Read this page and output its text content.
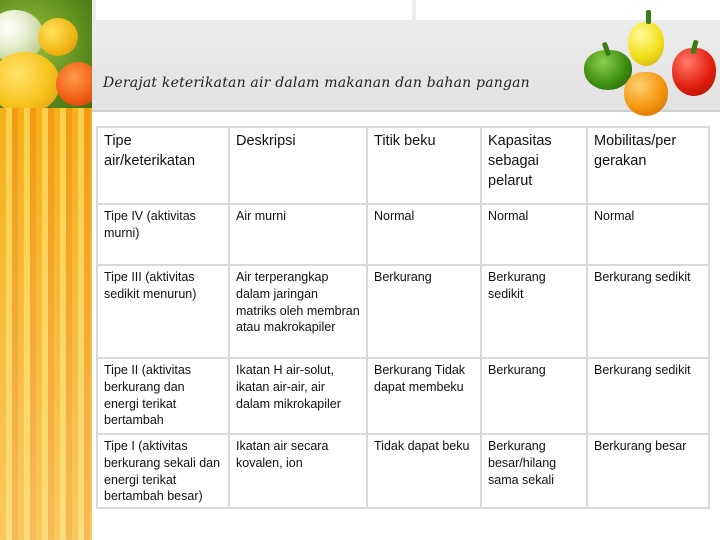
Derajat keterikatan air dalam makanan dan bahan pangan
Tipe air/keterikatan	Deskripsi	Titik beku	Kapasitas sebagai pelarut	Mobilitas/per gerakan
Tipe IV (aktivitas murni)	Air murni	Normal	Normal	Normal
Tipe III (aktivitas sedikit menurun)	Air terperangkap dalam jaringan matriks oleh membran atau makrokapiler	Berkurang	Berkurang sedikit	Berkurang sedikit
Tipe II (aktivitas berkurang dan energi terikat bertambah	Ikatan H air-solut, ikatan air-air, air dalam mikrokapiler	Berkurang Tidak dapat membeku	Berkurang	Berkurang sedikit
Tipe I (aktivitas berkurang sekali dan energi terikat bertambah besar)	Ikatan air secara kovalen, ion	Tidak dapat beku	Berkurang besar/hilang sama sekali	Berkurang besar
